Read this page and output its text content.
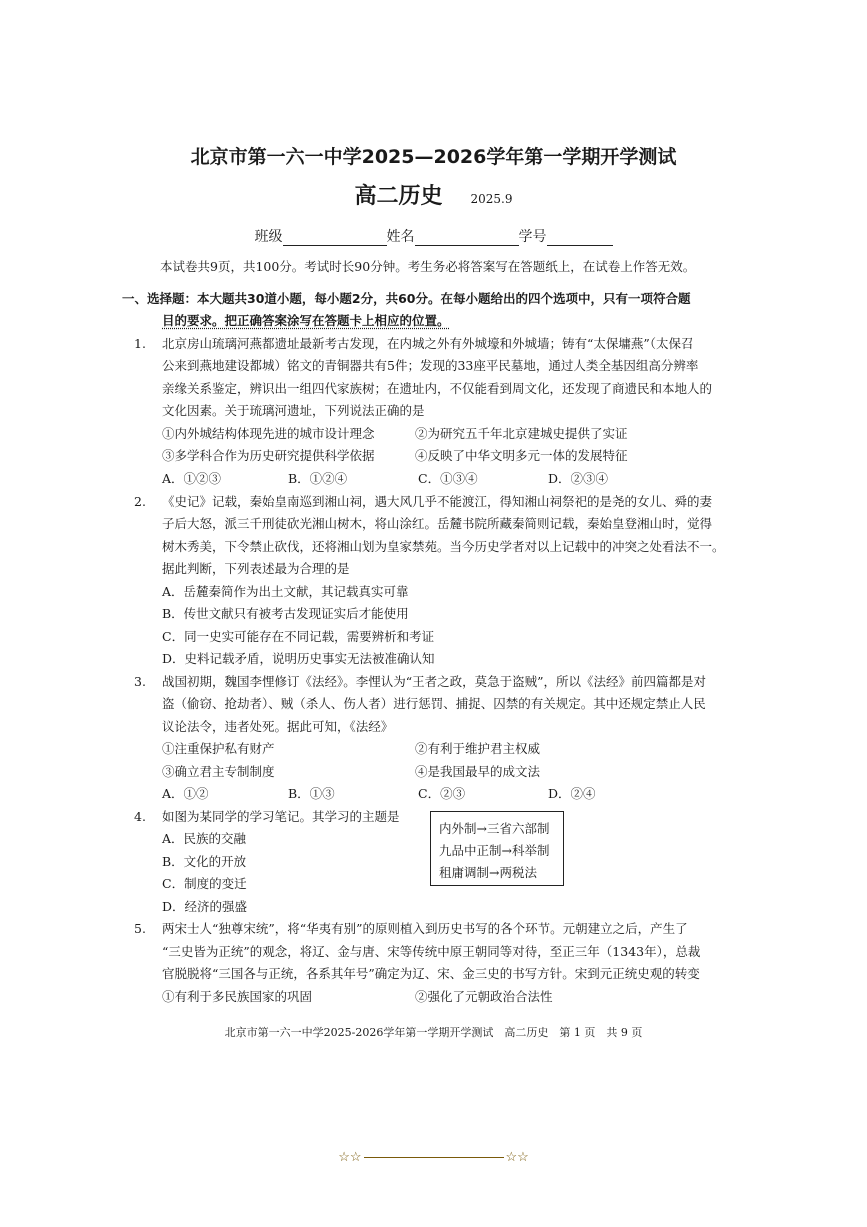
北京市第一六一中学2025—2026学年第一学期开学测试
高二历史 2025.9
班级	姓名	学号
本试卷共9页，共100分。考试时长90分钟。考生务必将答案写在答题纸上，在试卷上作答无效。
一、选择题：本大题共30道小题，每小题2分，共60分。在每小题给出的四个选项中，只有一项符合题
目的要求。把正确答案涂写在答题卡上相应的位置。
1. 北京房山琉璃河燕都遗址最新考古发现，在内城之外有外城壕和外城墙；铸有“太保墉燕”（太保召
公来到燕地建设都城）铭文的青铜器共有5件；发现的33座平民墓地，通过人类全基因组高分辨率
亲缘关系鉴定，辨识出一组四代家族树；在遗址内，不仅能看到周文化，还发现了商遗民和本地人的
文化因素。关于琉璃河遗址，下列说法正确的是
①内外城结构体现先进的城市设计理念	②为研究五千年北京建城史提供了实证
③多学科合作为历史研究提供科学依据	④反映了中华文明多元一体的发展特征
A．①②③	B．①②④	C．①③④	D．②③④
2. 《史记》记载，秦始皇南巡到湘山祠，遇大风几乎不能渡江，得知湘山祠祭祀的是尧的女儿、舜的妻
子后大怒，派三千刑徒砍光湘山树木，将山涂红。岳麓书院所藏秦简则记载，秦始皇登湘山时，觉得
树木秀美，下令禁止砍伐，还将湘山划为皇家禁苑。当今历史学者对以上记载中的冲突之处看法不一。
据此判断，下列表述最为合理的是
A．岳麓秦简作为出土文献，其记载真实可靠
B．传世文献只有被考古发现证实后才能使用
C．同一史实可能存在不同记载，需要辨析和考证
D．史料记载矛盾，说明历史事实无法被准确认知
3. 战国初期，魏国李悝修订《法经》。李悝认为“王者之政，莫急于盗贼”，所以《法经》前四篇都是对
盗（偷窃、抢劫者）、贼（杀人、伤人者）进行惩罚、捕捉、囚禁的有关规定。其中还规定禁止人民
议论法令，违者处死。据此可知，《法经》
①注重保护私有财产	②有利于维护君主权威
③确立君主专制制度	④是我国最早的成文法
A．①②	B．①③	C．②③	D．②④
4. 如图为某同学的学习笔记。其学习的主题是
A．民族的交融
B．文化的开放
C．制度的变迁
D．经济的强盛
内外制→三省六部制
九品中正制→科举制
租庸调制→两税法
5. 两宋士人“独尊宋统”，将“华夷有别”的原则植入到历史书写的各个环节。元朝建立之后，产生了
“三史皆为正统”的观念，将辽、金与唐、宋等传统中原王朝同等对待，至正三年（1343年），总裁
官脱脱将“三国各与正统，各系其年号”确定为辽、宋、金三史的书写方针。宋到元正统史观的转变
①有利于多民族国家的巩固	②强化了元朝政治合法性
北京市第一六一中学2025-2026学年第一学期开学测试　高二历史　第 1 页　共 9 页
☆☆	☆☆
